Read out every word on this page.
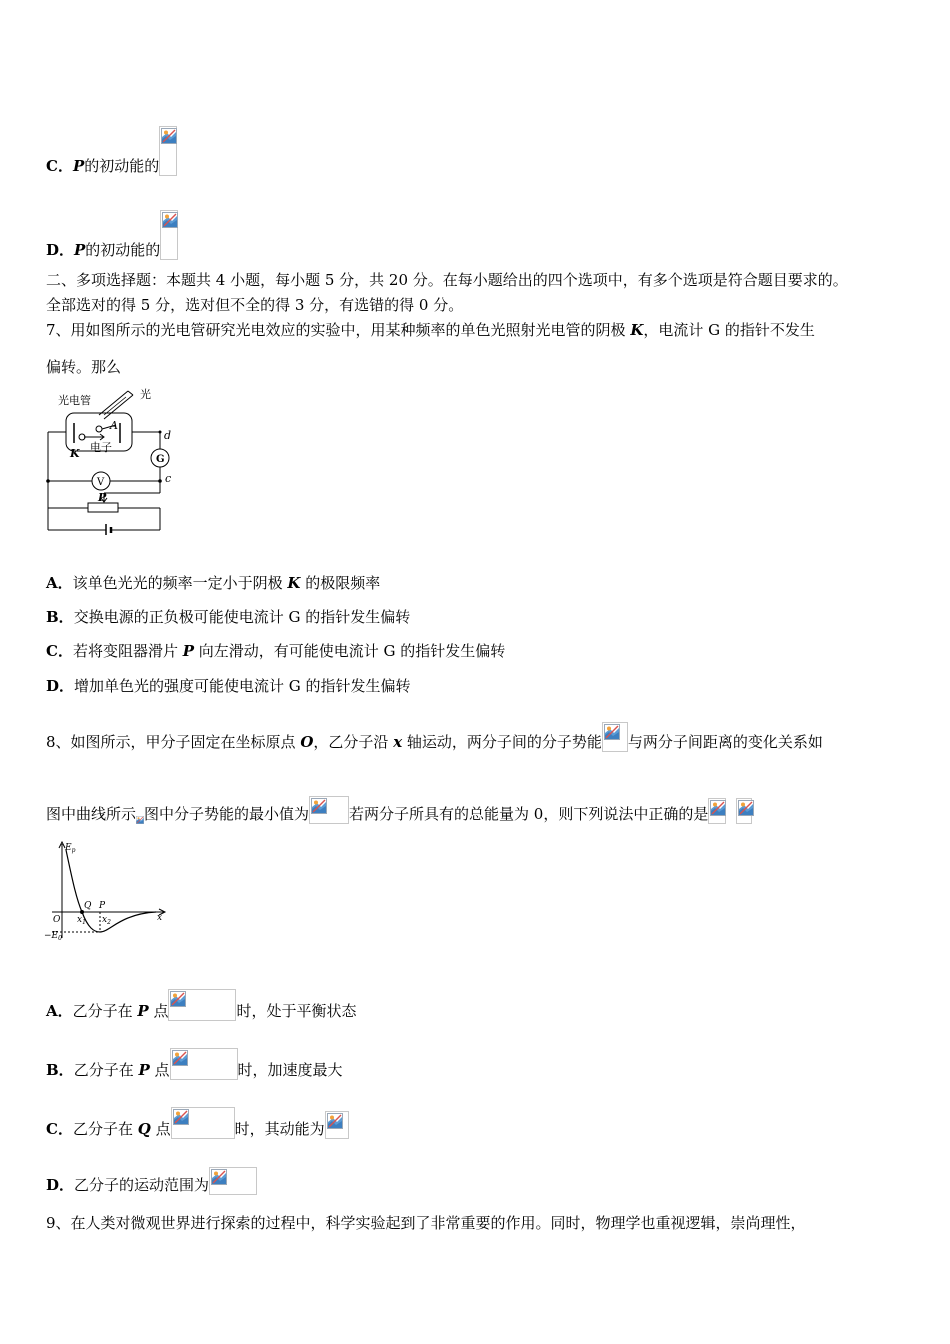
C．P的初动能的
D．P的初动能的
二、多项选择题：本题共 4 小题，每小题 5 分，共 20 分。在每小题给出的四个选项中，有多个选项是符合题目要求的。
全部选对的得 5 分，选对但不全的得 3 分，有选错的得 0 分。
7、用如图所示的光电管研究光电效应的实验中，用某种频率的单色光照射光电管的阴极 K，电流计 G 的指针不发生
偏转。那么
光电管	光
A
K 电子
d
G
c
V
P
A．该单色光光的频率一定小于阴极 K 的极限频率
B．交换电源的正负极可能使电流计 G 的指针发生偏转
C．若将变阻器滑片 P 向左滑动，有可能使电流计 G 的指针发生偏转
D．增加单色光的强度可能使电流计 G 的指针发生偏转
8、如图所示，甲分子固定在坐标原点 O，乙分子沿 x 轴运动，两分子间的分子势能 与两分子间距离的变化关系如
图中曲线所示 图中分子势能的最小值为	若两分子所具有的总能量为 0，则下列说法中正确的是
$E_p$
O
Q P
$x_1$ $x_2$	x
$-E_0$
A．乙分子在 P 点	时，处于平衡状态
B．乙分子在 P 点	时，加速度最大
C．乙分子在 Q 点	时，其动能为
D．乙分子的运动范围为
9、在人类对微观世界进行探索的过程中，科学实验起到了非常重要的作用。同时，物理学也重视逻辑，崇尚理性，
